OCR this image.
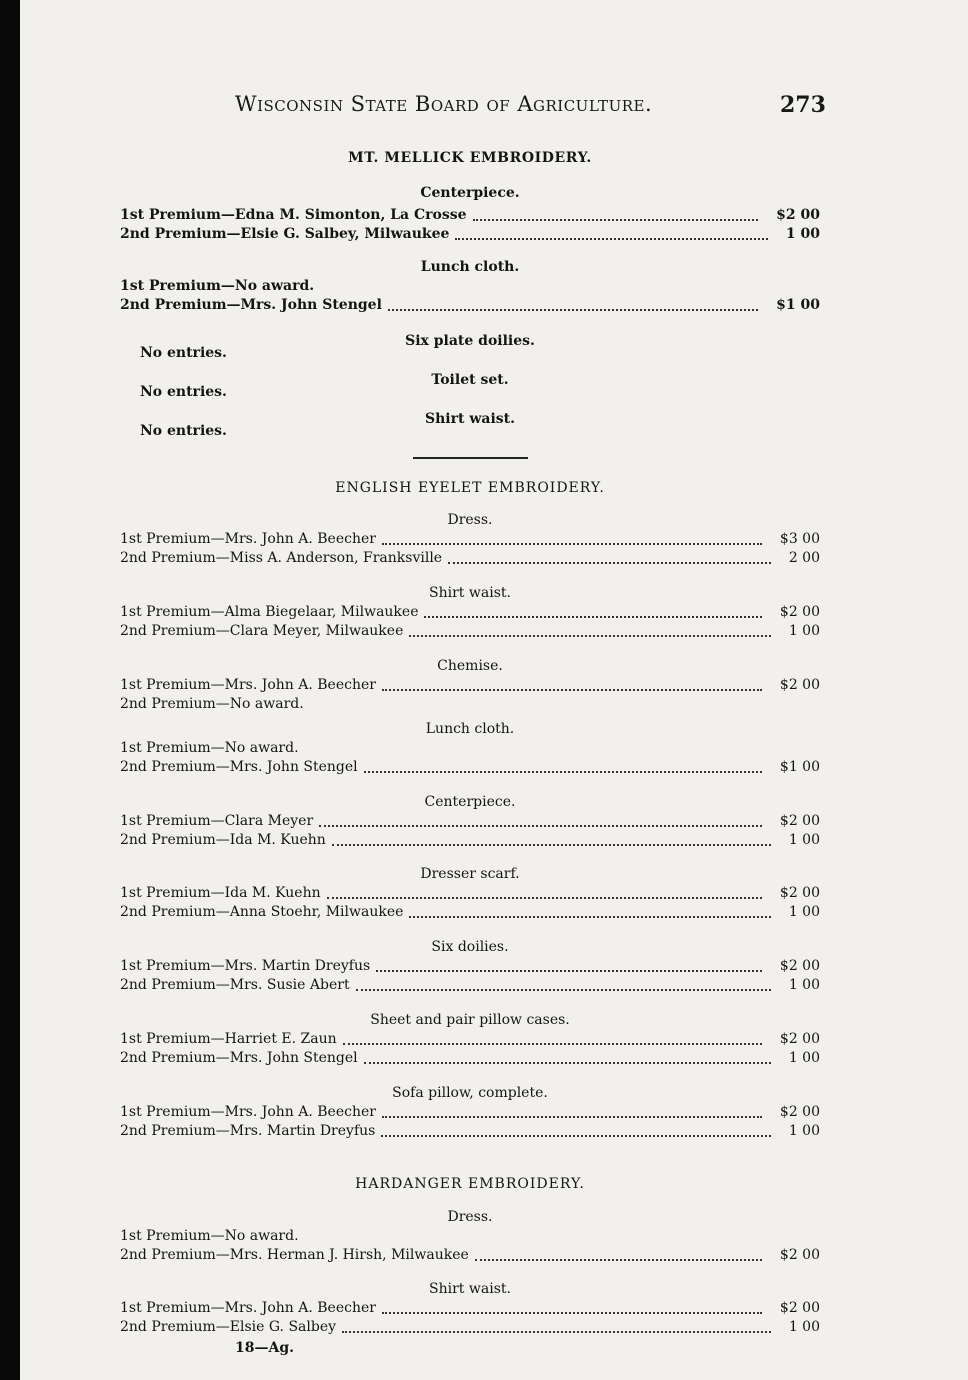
Wisconsin State Board of Agriculture.	273
MT. MELLICK EMBROIDERY.
Centerpiece.
1st Premium—Edna M. Simonton, La Crosse	$2 00
2nd Premium—Elsie G. Salbey, Milwaukee	1 00
Lunch cloth.
1st Premium—No award.
2nd Premium—Mrs. John Stengel	$1 00
Six plate doilies.
No entries.
Toilet set.
No entries.
Shirt waist.
No entries.
ENGLISH EYELET EMBROIDERY.
Dress.
1st Premium—Mrs. John A. Beecher	$3 00
2nd Premium—Miss A. Anderson, Franksville	2 00
Shirt waist.
1st Premium—Alma Biegelaar, Milwaukee	$2 00
2nd Premium—Clara Meyer, Milwaukee	1 00
Chemise.
1st Premium—Mrs. John A. Beecher	$2 00
2nd Premium—No award.
Lunch cloth.
1st Premium—No award.
2nd Premium—Mrs. John Stengel	$1 00
Centerpiece.
1st Premium—Clara Meyer	$2 00
2nd Premium—Ida M. Kuehn	1 00
Dresser scarf.
1st Premium—Ida M. Kuehn	$2 00
2nd Premium—Anna Stoehr, Milwaukee	1 00
Six doilies.
1st Premium—Mrs. Martin Dreyfus	$2 00
2nd Premium—Mrs. Susie Abert	1 00
Sheet and pair pillow cases.
1st Premium—Harriet E. Zaun	$2 00
2nd Premium—Mrs. John Stengel	1 00
Sofa pillow, complete.
1st Premium—Mrs. John A. Beecher	$2 00
2nd Premium—Mrs. Martin Dreyfus	1 00
HARDANGER EMBROIDERY.
Dress.
1st Premium—No award.
2nd Premium—Mrs. Herman J. Hirsh, Milwaukee	$2 00
Shirt waist.
1st Premium—Mrs. John A. Beecher	$2 00
2nd Premium—Elsie G. Salbey	1 00
18—Ag.
